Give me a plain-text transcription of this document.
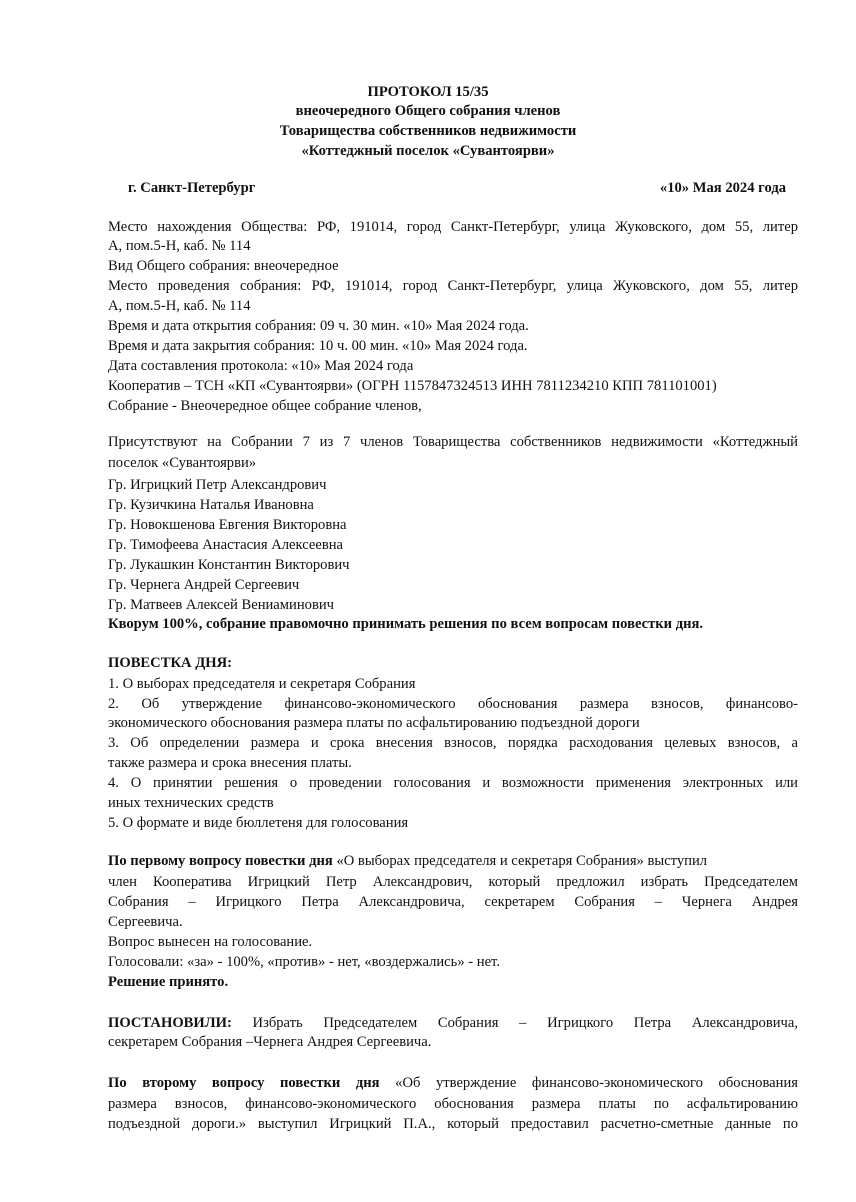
ПРОТОКОЛ 15/35
внеочередного Общего собрания членов
Товарищества собственников недвижимости
«Коттеджный поселок «Сувантоярви»
г. Санкт-Петербург	«10» Мая 2024 года
Место нахождения Общества: РФ, 191014, город Санкт-Петербург, улица Жуковского, дом 55, литер
А, пом.5-Н, каб. № 114
Вид Общего собрания: внеочередное
Место проведения собрания: РФ, 191014, город Санкт-Петербург, улица Жуковского, дом 55, литер
А, пом.5-Н, каб. № 114
Время и дата открытия собрания: 09 ч. 30 мин. «10» Мая 2024 года.
Время и дата закрытия собрания: 10 ч. 00 мин. «10» Мая 2024 года.
Дата составления протокола: «10» Мая 2024 года
Кооператив – ТСН «КП «Сувантоярви» (ОГРН 1157847324513 ИНН 7811234210 КПП 781101001)
Собрание - Внеочередное общее собрание членов,
Присутствуют на Собрании 7 из 7 членов Товарищества собственников недвижимости «Коттеджный
поселок «Сувантоярви»
Гр. Игрицкий Петр Александрович
Гр. Кузичкина Наталья Ивановна
Гр. Новокшенова Евгения Викторовна
Гр. Тимофеева Анастасия Алексеевна
Гр. Лукашкин Константин Викторович
Гр. Чернега Андрей Сергеевич
Гр. Матвеев Алексей Вениаминович
Кворум 100%, собрание правомочно принимать решения по всем вопросам повестки дня.
ПОВЕСТКА ДНЯ:
1. О выборах председателя и секретаря Собрания
2. Об утверждение финансово-экономического обоснования размера взносов, финансово-
экономического обоснования размера платы по асфальтированию подъездной дороги
3. Об определении размера и срока внесения взносов, порядка расходования целевых взносов, а
также размера и срока внесения платы.
4. О принятии решения о проведении голосования и возможности применения электронных или
иных технических средств
5. О формате и виде бюллетеня для голосования
По первому вопросу повестки дня «О выборах председателя и секретаря Собрания» выступил
член Кооператива Игрицкий Петр Александрович, который предложил избрать Председателем
Собрания – Игрицкого Петра Александровича, секретарем Собрания – Чернега Андрея
Сергеевича.
Вопрос вынесен на голосование.
Голосовали: «за» - 100%, «против» - нет, «воздержались» - нет.
Решение принято.
ПОСТАНОВИЛИ: Избрать Председателем Собрания – Игрицкого Петра Александровича,
секретарем Собрания –Чернега Андрея Сергеевича.
По второму вопросу повестки дня «Об утверждение финансово-экономического обоснования
размера взносов, финансово-экономического обоснования размера платы по асфальтированию
подъездной дороги.» выступил Игрицкий П.А., который предоставил расчетно-сметные данные по
